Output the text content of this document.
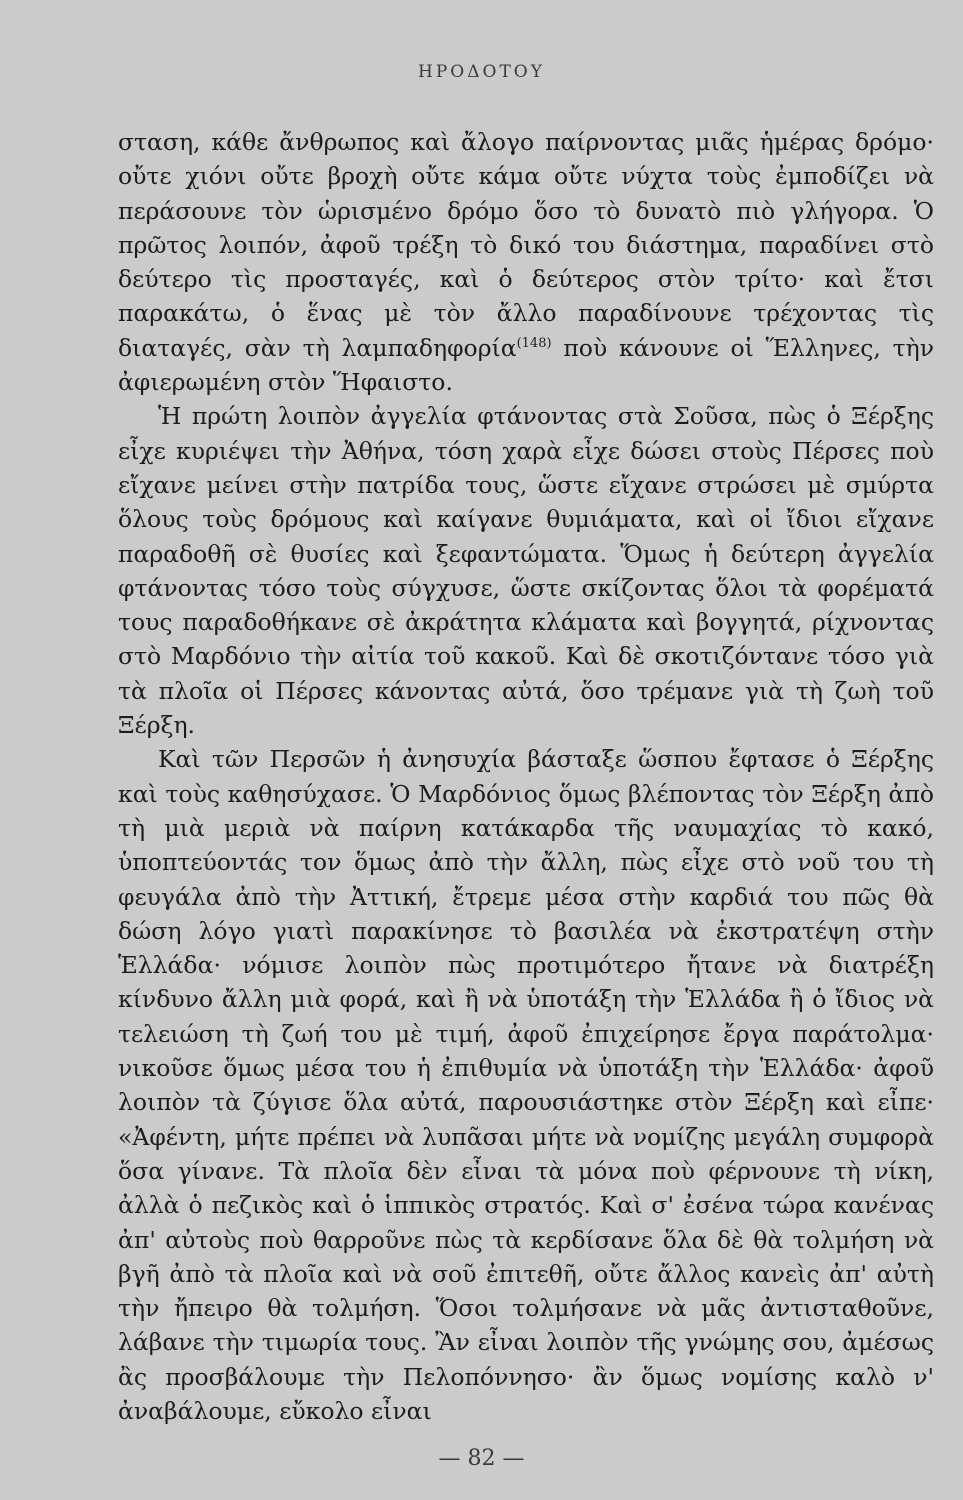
ΗΡΟΔΟΤΟΥ

σταση, κάθε ἄνθρωπος καὶ ἄλογο παίρνοντας μιᾶς ἡμέρας δρόμο· οὔτε χιόνι οὔτε βροχὴ οὔτε κάμα οὔτε νύχτα τοὺς ἐμποδίζει νὰ περάσουνε τὸν ὡρισμένο δρόμο ὅσο τὸ δυνατὸ πιὸ γλήγορα. Ὁ πρῶτος λοιπόν, ἀφοῦ τρέξη τὸ δικό του διάστημα, παραδίνει στὸ δεύτερο τὶς προσταγές, καὶ ὁ δεύτερος στὸν τρίτο· καὶ ἔτσι παρακάτω, ὁ ἕνας μὲ τὸν ἄλλο παραδίνουνε τρέχοντας τὶς διαταγές, σὰν τὴ λαμπαδηφορία$^{(148)}$ ποὺ κάνουνε οἱ Ἕλληνες, τὴν ἀφιερωμένη στὸν Ἥφαιστο.

Ἡ πρώτη λοιπὸν ἀγγελία φτάνοντας στὰ Σοῦσα, πὼς ὁ Ξέρξης εἶχε κυριέψει τὴν Ἀθήνα, τόση χαρὰ εἶχε δώσει στοὺς Πέρσες ποὺ εἴχανε μείνει στὴν πατρίδα τους, ὥστε εἴχανε στρώσει μὲ σμύρτα ὅλους τοὺς δρόμους καὶ καίγανε θυμιάματα, καὶ οἱ ἴδιοι εἴχανε παραδοθῆ σὲ θυσίες καὶ ξεφαντώματα. Ὅμως ἡ δεύτερη ἀγγελία φτάνοντας τόσο τοὺς σύγχυσε, ὥστε σκίζοντας ὅλοι τὰ φορέματά τους παραδοθήκανε σὲ ἀκράτητα κλάματα καὶ βογγητά, ρίχνοντας στὸ Μαρδόνιο τὴν αἰτία τοῦ κακοῦ. Καὶ δὲ σκοτιζόντανε τόσο γιὰ τὰ πλοῖα οἱ Πέρσες κάνοντας αὐτά, ὅσο τρέμανε γιὰ τὴ ζωὴ τοῦ Ξέρξη.

Καὶ τῶν Περσῶν ἡ ἀνησυχία βάσταξε ὥσπου ἔφτασε ὁ Ξέρξης καὶ τοὺς καθησύχασε. Ὁ Μαρδόνιος ὅμως βλέποντας τὸν Ξέρξη ἀπὸ τὴ μιὰ μεριὰ νὰ παίρνη κατάκαρδα τῆς ναυμαχίας τὸ κακό, ὑποπτεύοντάς τον ὅμως ἀπὸ τὴν ἄλλη, πὼς εἶχε στὸ νοῦ του τὴ φευγάλα ἀπὸ τὴν Ἀττική, ἔτρεμε μέσα στὴν καρδιά του πῶς θὰ δώση λόγο γιατὶ παρακίνησε τὸ βασιλέα νὰ ἐκστρατέψη στὴν Ἑλλάδα· νόμισε λοιπὸν πὼς προτιμότερο ἤτανε νὰ διατρέξη κίνδυνο ἄλλη μιὰ φορά, καὶ ἢ νὰ ὑποτάξη τὴν Ἑλλάδα ἢ ὁ ἴδιος νὰ τελειώση τὴ ζωή του μὲ τιμή, ἀφοῦ ἐπιχείρησε ἔργα παράτολμα· νικοῦσε ὅμως μέσα του ἡ ἐπιθυμία νὰ ὑποτάξη τὴν Ἑλλάδα· ἀφοῦ λοιπὸν τὰ ζύγισε ὅλα αὐτά, παρουσιάστηκε στὸν Ξέρξη καὶ εἶπε· «Ἀφέντη, μήτε πρέπει νὰ λυπᾶσαι μήτε νὰ νομίζης μεγάλη συμφορὰ ὅσα γίνανε. Τὰ πλοῖα δὲν εἶναι τὰ μόνα ποὺ φέρνουνε τὴ νίκη, ἀλλὰ ὁ πεζικὸς καὶ ὁ ἱππικὸς στρατός. Καὶ σ' ἐσένα τώρα κανένας ἀπ' αὐτοὺς ποὺ θαρροῦνε πὼς τὰ κερδίσανε ὅλα δὲ θὰ τολμήση νὰ βγῆ ἀπὸ τὰ πλοῖα καὶ νὰ σοῦ ἐπιτεθῆ, οὔτε ἄλλος κανεὶς ἀπ' αὐτὴ τὴν ἤπειρο θὰ τολμήση. Ὅσοι τολμήσανε νὰ μᾶς ἀντισταθοῦνε, λάβανε τὴν τιμωρία τους. Ἂν εἶναι λοιπὸν τῆς γνώμης σου, ἀμέσως ἂς προσβάλουμε τὴν Πελοπόννησο· ἂν ὅμως νομίσης καλὸ ν' ἀναβάλουμε, εὔκολο εἶναι

— 82 —
